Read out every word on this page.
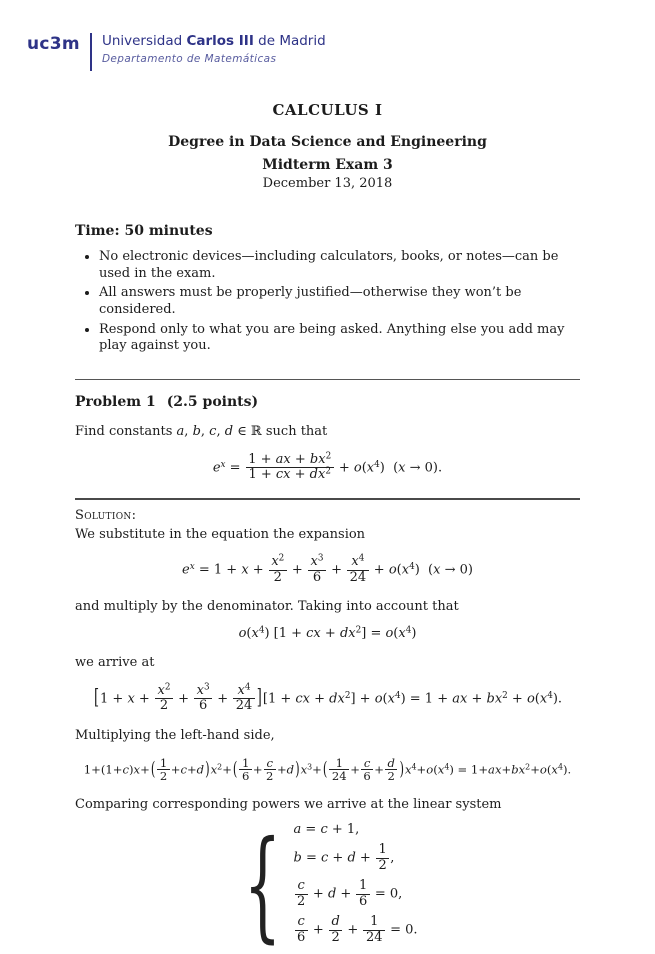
uc3m Universidad Carlos III de Madrid
Departamento de Matemáticas
CALCULUS I
Degree in Data Science and Engineering
Midterm Exam 3
December 13, 2018
Time: 50 minutes
• No electronic devices—including calculators, books, or notes—can be used in the exam.
• All answers must be properly justified—otherwise they won’t be considered.
• Respond only to what you are being asked. Anything else you add may play against you.
Problem 1 (2.5 points)
Find constants a, b, c, d ∈ ℝ such that
$e^x = \frac{1 + ax + bx^2}{1 + cx + dx^2} + o(x^4) (x \to 0)$.
Solution:
We substitute in the equation the expansion
$e^x = 1 + x + \frac{x^2}{2} + \frac{x^3}{6} + \frac{x^4}{24} + o(x^4) (x \to 0)$
and multiply by the denominator. Taking into account that
$o(x^4) [1$ + cx + $dx^2] = o(x^4)$
we arrive at
$[1 + x + \frac{x^2}{2} + \frac{x^3}{6} + \frac{x^4}{24} ][1$ + cx + $dx^2] + o(x^4) = 1$ + ax + $bx^2 + o(x^4)$.
Multiplying the left-hand side,
$1+(1+c)x+( \frac{1}{2} +c+d)x^2+( \frac{1}{6} + \frac{c}{2} +d)x^3+( \frac{1}{24} + \frac{c}{6} + \frac{d}{2} )x^4+o(x^4) = 1+ax+bx^2+o(x^4)$.
Comparing corresponding powers we arrive at the linear system
{ a = c + 1,
$b = c + d + \frac{1}{2}$ ,
$\frac{c}{2} + d + \frac{1}{6} = 0$,
$\frac{c}{6} + \frac{d}{2} + \frac{1}{24} = 0$.
